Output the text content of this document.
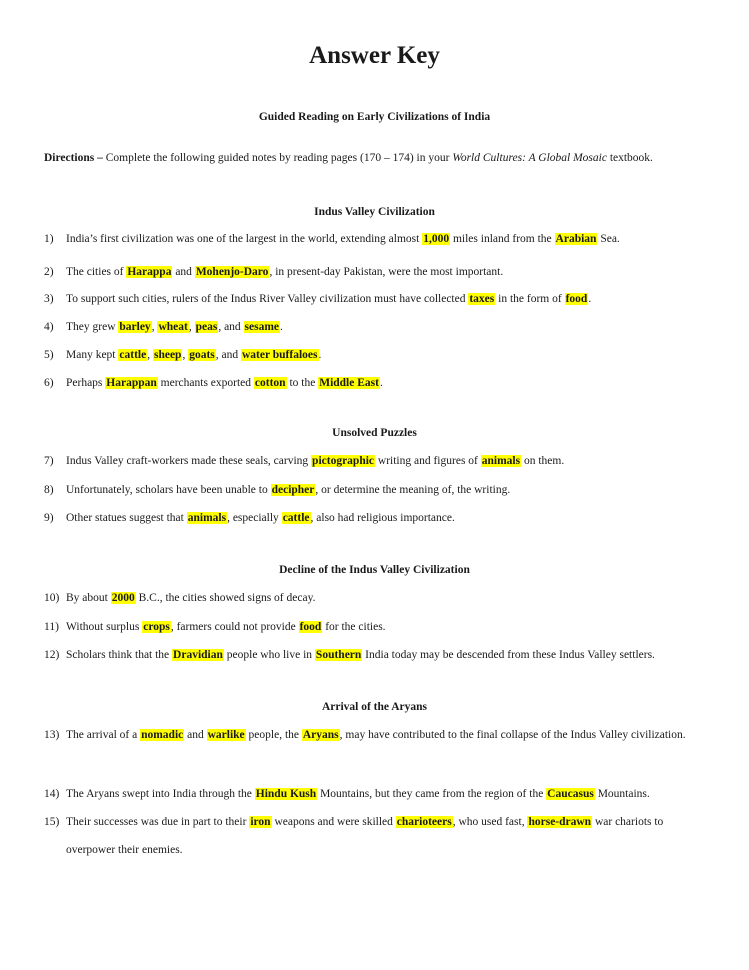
Answer Key
Guided Reading on Early Civilizations of India
Directions – Complete the following guided notes by reading pages (170 – 174) in your World Cultures: A Global Mosaic textbook.
Indus Valley Civilization
Unsolved Puzzles
Decline of the Indus Valley Civilization
Arrival of the Aryans
1) India’s first civilization was one of the largest in the world, extending almost 1,000 miles inland from the Arabian Sea.
2) The cities of Harappa and Mohenjo-Daro, in present-day Pakistan, were the most important.
3) To support such cities, rulers of the Indus River Valley civilization must have collected taxes in the form of food.
4) They grew barley, wheat, peas, and sesame.
5) Many kept cattle, sheep, goats, and water buffaloes.
6) Perhaps Harappan merchants exported cotton to the Middle East.
7) Indus Valley craft-workers made these seals, carving pictographic writing and figures of animals on them.
8) Unfortunately, scholars have been unable to decipher, or determine the meaning of, the writing.
9) Other statues suggest that animals, especially cattle, also had religious importance.
10) By about 2000 B.C., the cities showed signs of decay.
11) Without surplus crops, farmers could not provide food for the cities.
12) Scholars think that the Dravidian people who live in Southern India today may be descended from these Indus Valley settlers.
13) The arrival of a nomadic and warlike people, the Aryans, may have contributed to the final collapse of the Indus Valley civilization.
14) The Aryans swept into India through the Hindu Kush Mountains, but they came from the region of the Caucasus Mountains.
15) Their successes was due in part to their iron weapons and were skilled charioteers, who used fast, horse-drawn war chariots to overpower their enemies.
